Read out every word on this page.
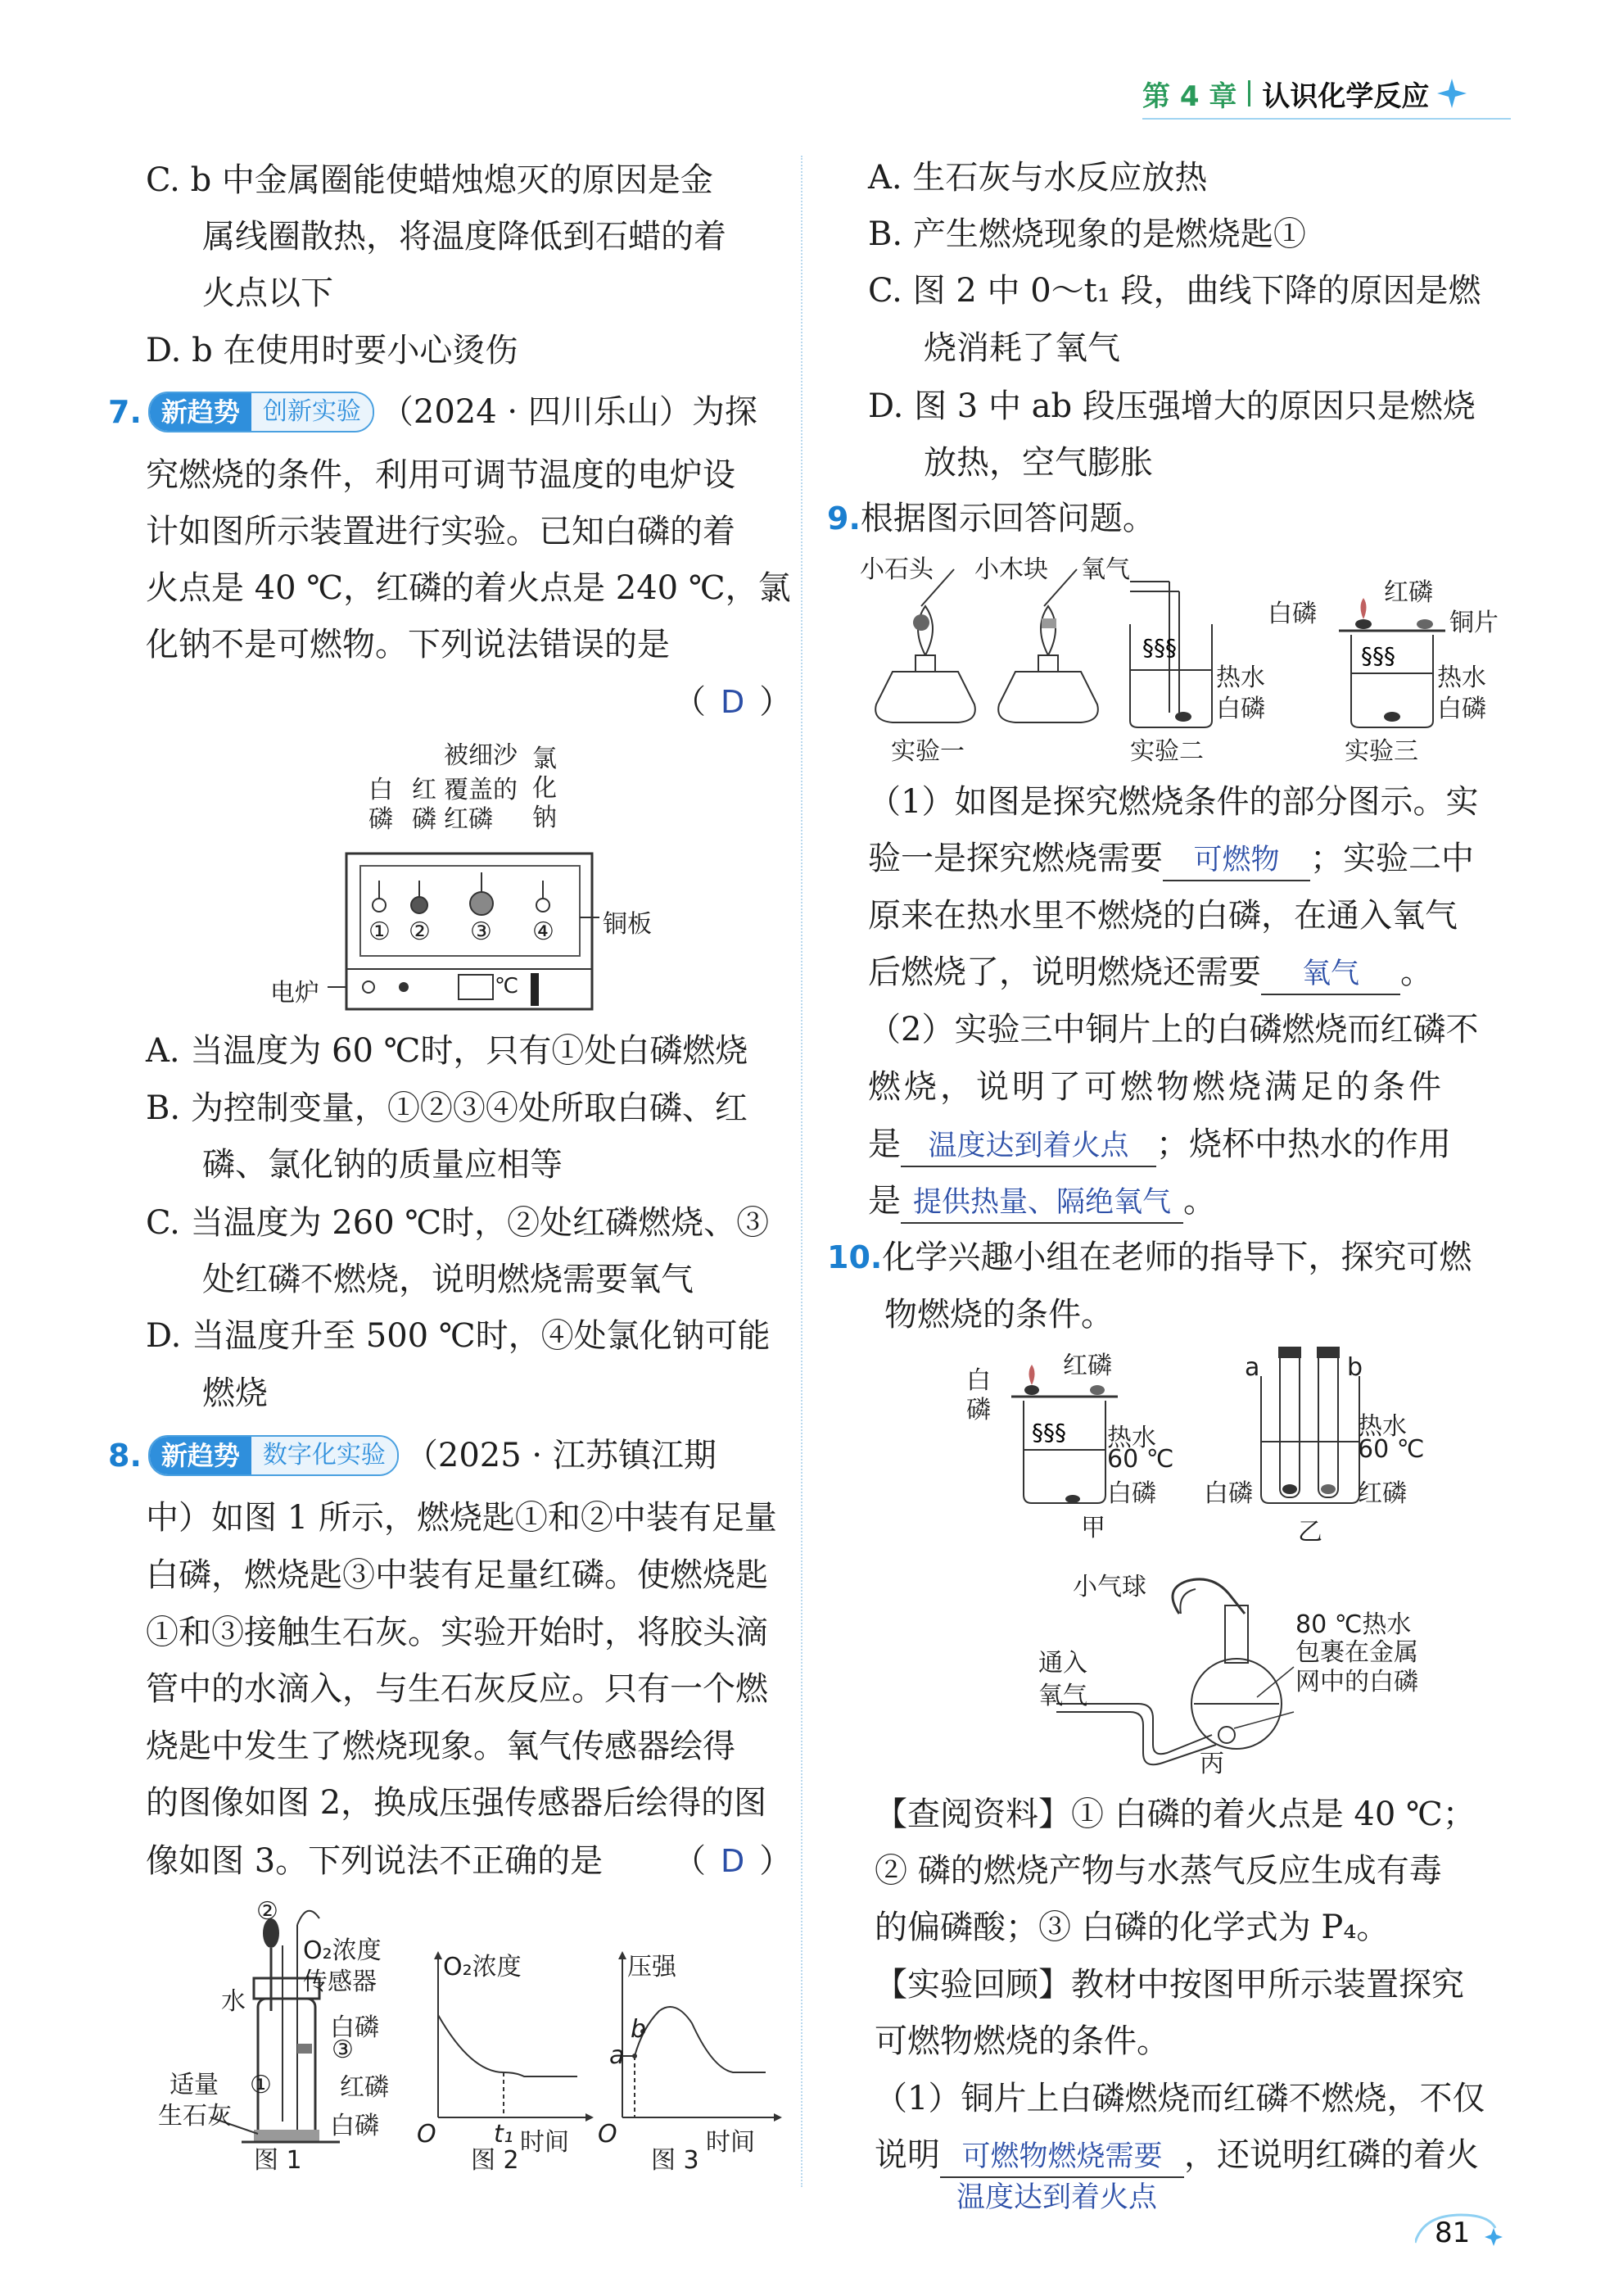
第 4 章 认识化学反应
C. b 中金属圈能使蜡烛熄灭的原因是金
属线圈散热，将温度降低到石蜡的着
火点以下
D. b 在使用时要小心烫伤
7. 新趋势 创新实验 （2024 · 四川乐山）为探
究燃烧的条件，利用可调节温度的电炉设
计如图所示装置进行实验。已知白磷的着
火点是 40 ℃，红磷的着火点是 240 ℃，氯
化钠不是可燃物。下列说法错误的是
（ D ）
被细沙
白
磷
红
磷
覆盖的
红磷
氯
化
钠
① ② ③ ④ 铜板
电炉	℃
A. 当温度为 60 ℃时，只有①处白磷燃烧
B. 为控制变量，①②③④处所取白磷、红
磷、氯化钠的质量应相等
C. 当温度为 260 ℃时，②处红磷燃烧、③
处红磷不燃烧，说明燃烧需要氧气
D. 当温度升至 500 ℃时，④处氯化钠可能
燃烧
8. 新趋势 数字化实验 （2025 · 江苏镇江期
中）如图 1 所示，燃烧匙①和②中装有足量
白磷，燃烧匙③中装有足量红磷。使燃烧匙
①和③接触生石灰。实验开始时，将胶头滴
管中的水滴入，与生石灰反应。只有一个燃
烧匙中发生了燃烧现象。氧气传感器绘得
的图像如图 2，换成压强传感器后绘得的图
像如图 3。下列说法不正确的是 （ D ）
②
O₂浓度
传感器
水
白磷
③
①	红磷
适量
生石灰	白磷
图 1
O₂浓度
O t₁ 时间
图 2
压强
a
b
O	时间
图 3
A. 生石灰与水反应放热
B. 产生燃烧现象的是燃烧匙①
C. 图 2 中 0～t₁ 段，曲线下降的原因是燃
烧消耗了氧气
D. 图 3 中 ab 段压强增大的原因只是燃烧
放热，空气膨胀
9.根据图示回答问题。
§§§	§§§
小石头 小木块 氧气
热水
白磷
白磷
红磷
铜片
热水
白磷
实验一	实验二	实验三
（1）如图是探究燃烧条件的部分图示。实
验一是探究燃烧需要 可燃物 ；实验二中
原来在热水里不燃烧的白磷，在通入氧气
后燃烧了，说明燃烧还需要 氧气 。
（2）实验三中铜片上的白磷燃烧而红磷不
燃烧，说明了可燃物燃烧满足的条件
是 温度达到着火点 ；烧杯中热水的作用
是 提供热量、隔绝氧气 。
10.化学兴趣小组在老师的指导下，探究可燃
物燃烧的条件。
§§§
白
磷
红磷
热水
60 ℃
白磷
甲
a	b
热水
60 ℃
白磷	红磷
乙
小气球
80 ℃热水
包裹在金属
网中的白磷
通入
氧气
丙
【查阅资料】① 白磷的着火点是 40 ℃；
② 磷的燃烧产物与水蒸气反应生成有毒
的偏磷酸；③ 白磷的化学式为 P₄。
【实验回顾】教材中按图甲所示装置探究
可燃物燃烧的条件。
（1）铜片上白磷燃烧而红磷不燃烧，不仅
说明 可燃物燃烧需要 ，还说明红磷的着火
温度达到着火点
81
